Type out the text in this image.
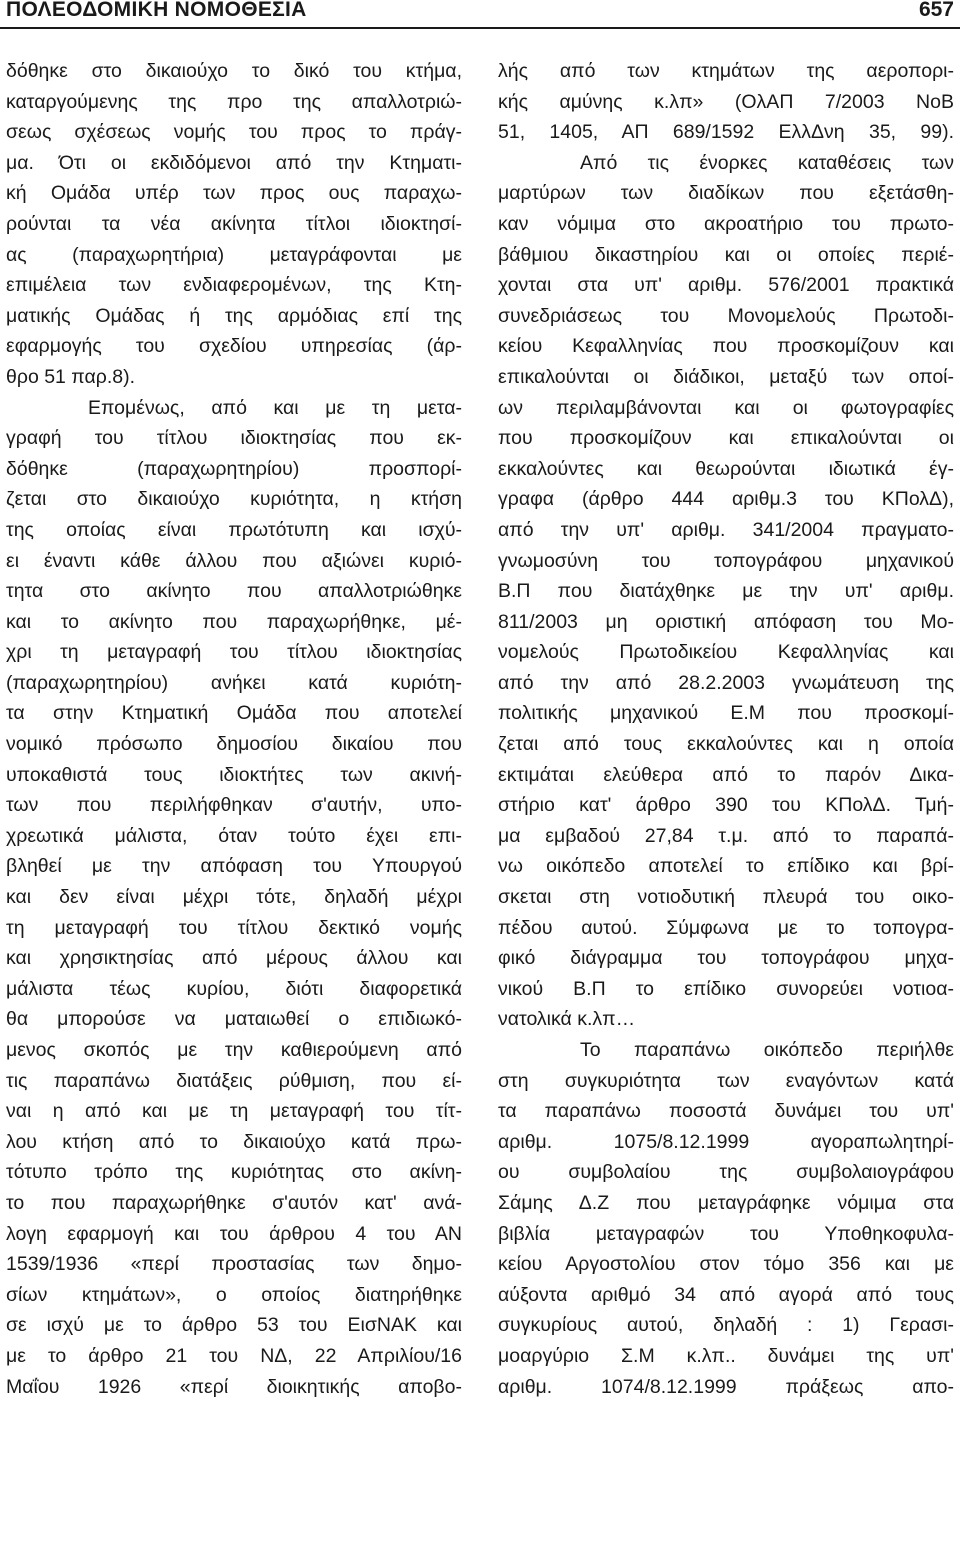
ΠΟΛΕΟΔΟΜΙΚΗ ΝΟΜΟΘΕΣΙΑ	657
δόθηκε στο δικαιούχο το δικό του κτήμα,
καταργούμενης της προ της απαλλοτριώ-
σεως σχέσεως νομής του προς το πράγ-
μα. Ότι οι εκδιδόμενοι από την Κτηματι-
κή Ομάδα υπέρ των προς ους παραχω-
ρούνται τα νέα ακίνητα τίτλοι ιδιοκτησί-
ας (παραχωρητήρια) μεταγράφονται με
επιμέλεια των ενδιαφερομένων, της Κτη-
ματικής Ομάδας ή της αρμόδιας επί της
εφαρμογής του σχεδίου υπηρεσίας (άρ-
θρο 51 παρ.8).
Επομένως, από και με τη μετα-
γραφή του τίτλου ιδιοκτησίας που εκ-
δόθηκε (παραχωρητηρίου) προσπορί-
ζεται στο δικαιούχο κυριότητα, η κτήση
της οποίας είναι πρωτότυπη και ισχύ-
ει έναντι κάθε άλλου που αξιώνει κυριό-
τητα στο ακίνητο που απαλλοτριώθηκε
και το ακίνητο που παραχωρήθηκε, μέ-
χρι τη μεταγραφή του τίτλου ιδιοκτησίας
(παραχωρητηρίου) ανήκει κατά κυριότη-
τα στην Κτηματική Ομάδα που αποτελεί
νομικό πρόσωπο δημοσίου δικαίου που
υποκαθιστά τους ιδιοκτήτες των ακινή-
των που περιλήφθηκαν σ'αυτήν, υπο-
χρεωτικά μάλιστα, όταν τούτο έχει επι-
βληθεί με την απόφαση του Υπουργού
και δεν είναι μέχρι τότε, δηλαδή μέχρι
τη μεταγραφή του τίτλου δεκτικό νομής
και χρησικτησίας από μέρους άλλου και
μάλιστα τέως κυρίου, διότι διαφορετικά
θα μπορούσε να ματαιωθεί ο επιδιωκό-
μενος σκοπός με την καθιερούμενη από
τις παραπάνω διατάξεις ρύθμιση, που εί-
ναι η από και με τη μεταγραφή του τίτ-
λου κτήση από το δικαιούχο κατά πρω-
τότυπο τρόπο της κυριότητας στο ακίνη-
το που παραχωρήθηκε σ'αυτόν κατ' ανά-
λογη εφαρμογή και του άρθρου 4 του ΑΝ
1539/1936 «περί προστασίας των δημο-
σίων κτημάτων», ο οποίος διατηρήθηκε
σε ισχύ με το άρθρο 53 του ΕισΝΑΚ και
με το άρθρο 21 του ΝΔ, 22 Απριλίου/16
Μαΐου 1926 «περί διοικητικής αποβο-
λής από των κτημάτων της αεροπορι-
κής αμύνης κ.λπ» (ΟλΑΠ 7/2003 ΝοΒ
51, 1405, ΑΠ 689/1592 ΕλλΔνη 35, 99).
Από τις ένορκες καταθέσεις των
μαρτύρων των διαδίκων που εξετάσθη-
καν νόμιμα στο ακροατήριο του πρωτο-
βάθμιου δικαστηρίου και οι οποίες περιέ-
χονται στα υπ' αριθμ. 576/2001 πρακτικά
συνεδριάσεως του Μονομελούς Πρωτοδι-
κείου Κεφαλληνίας που προσκομίζουν και
επικαλούνται οι διάδικοι, μεταξύ των οποί-
ων περιλαμβάνονται και οι φωτογραφίες
που προσκομίζουν και επικαλούνται οι
εκκαλούντες και θεωρούνται ιδιωτικά έγ-
γραφα (άρθρο 444 αριθμ.3 του ΚΠολΔ),
από την υπ' αριθμ. 341/2004 πραγματο-
γνωμοσύνη του τοπογράφου μηχανικού
Β.Π που διατάχθηκε με την υπ' αριθμ.
811/2003 μη οριστική απόφαση του Μο-
νομελούς Πρωτοδικείου Κεφαλληνίας και
από την από 28.2.2003 γνωμάτευση της
πολιτικής μηχανικού Ε.Μ που προσκομί-
ζεται από τους εκκαλούντες και η οποία
εκτιμάται ελεύθερα από το παρόν Δικα-
στήριο κατ' άρθρο 390 του ΚΠολΔ. Τμή-
μα εμβαδού 27,84 τ.μ. από το παραπά-
νω οικόπεδο αποτελεί το επίδικο και βρί-
σκεται στη νοτιοδυτική πλευρά του οικο-
πέδου αυτού. Σύμφωνα με το τοπογρα-
φικό διάγραμμα του τοπογράφου μηχα-
νικού Β.Π το επίδικο συνορεύει νοτιοα-
νατολικά κ.λπ…
Το παραπάνω οικόπεδο περιήλθε
στη συγκυριότητα των εναγόντων κατά
τα παραπάνω ποσοστά δυνάμει του υπ'
αριθμ. 1075/8.12.1999 αγοραπωλητηρί-
ου συμβολαίου της συμβολαιογράφου
Σάμης Δ.Ζ που μεταγράφηκε νόμιμα στα
βιβλία μεταγραφών του Υποθηκοφυλα-
κείου Αργοστολίου στον τόμο 356 και με
αύξοντα αριθμό 34 από αγορά από τους
συγκυρίους αυτού, δηλαδή : 1) Γερασι-
μοαργύριο Σ.Μ κ.λπ.. δυνάμει της υπ'
αριθμ. 1074/8.12.1999 πράξεως απο-
